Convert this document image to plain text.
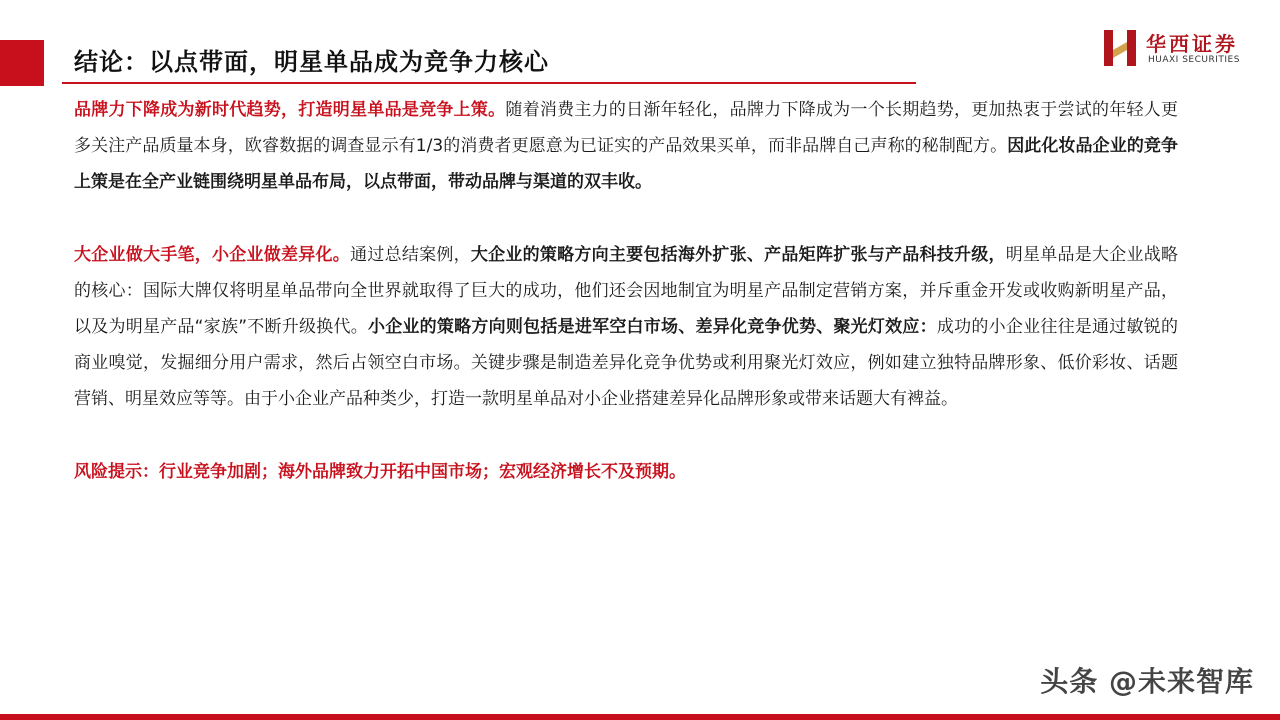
结论：以点带面，明星单品成为竞争力核心
华西证券
HUAXI SECURITIES

品牌力下降成为新时代趋势，打造明星单品是竞争上策。随着消费主力的日渐年轻化，品牌力下降成为一个长期趋势，更加热衷于尝试的年轻人更多关注产品质量本身，欧睿数据的调查显示有1/3的消费者更愿意为已证实的产品效果买单，而非品牌自己声称的秘制配方。因此化妆品企业的竞争上策是在全产业链围绕明星单品布局，以点带面，带动品牌与渠道的双丰收。

大企业做大手笔，小企业做差异化。通过总结案例，大企业的策略方向主要包括海外扩张、产品矩阵扩张与产品科技升级，明星单品是大企业战略的核心：国际大牌仅将明星单品带向全世界就取得了巨大的成功，他们还会因地制宜为明星产品制定营销方案，并斥重金开发或收购新明星产品，以及为明星产品“家族”不断升级换代。小企业的策略方向则包括是进军空白市场、差异化竞争优势、聚光灯效应：成功的小企业往往是通过敏锐的商业嗅觉，发掘细分用户需求，然后占领空白市场。关键步骤是制造差异化竞争优势或利用聚光灯效应，例如建立独特品牌形象、低价彩妆、话题营销、明星效应等等。由于小企业产品种类少，打造一款明星单品对小企业搭建差异化品牌形象或带来话题大有裨益。

风险提示：行业竞争加剧；海外品牌致力开拓中国市场；宏观经济增长不及预期。

头条 @未来智库
